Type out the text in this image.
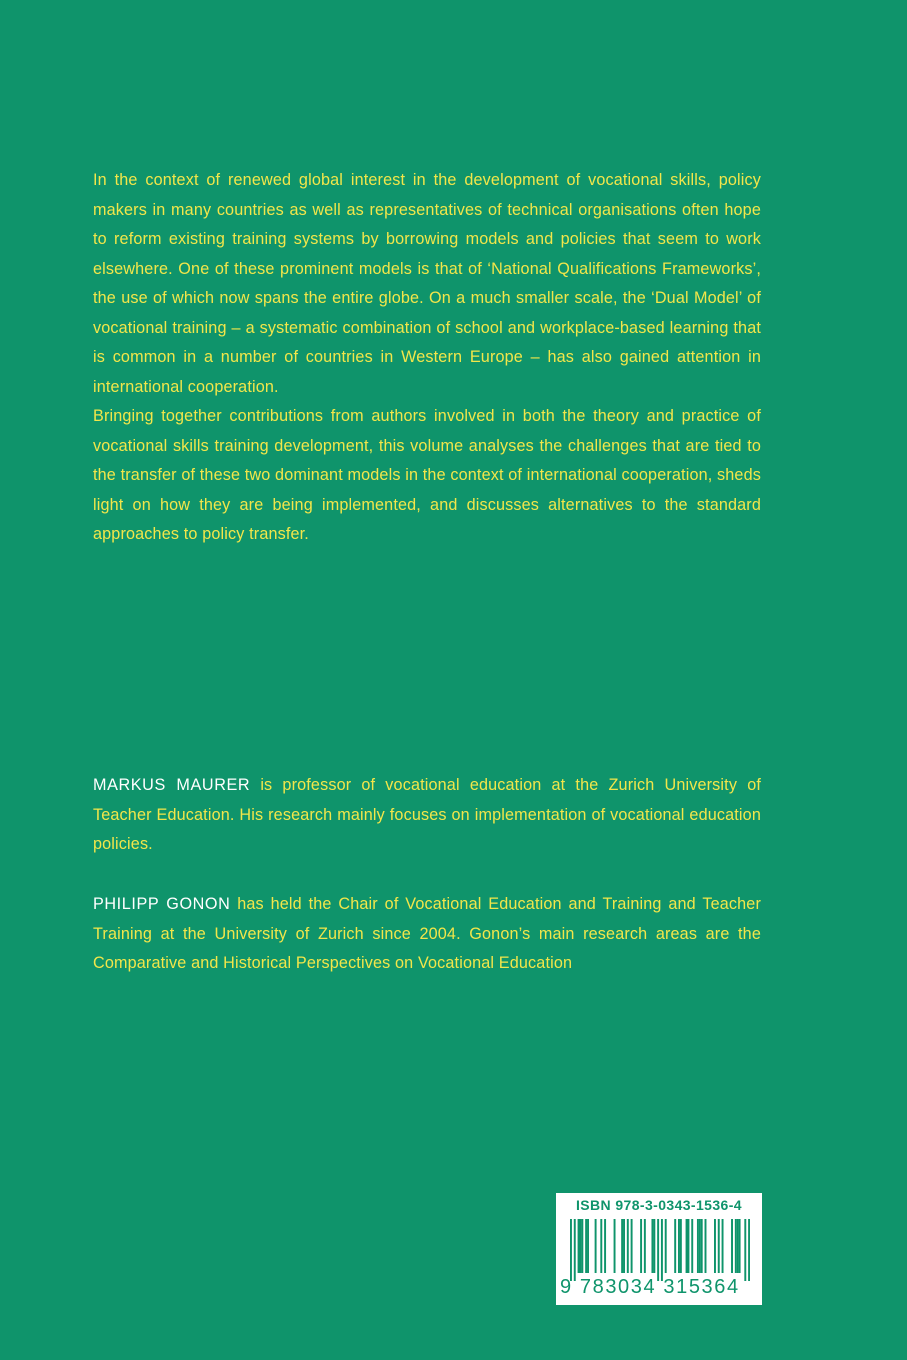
In the context of renewed global interest in the development of vocational skills, policy makers in many countries as well as representatives of technical organisations often hope to reform existing training systems by borrowing models and policies that seem to work elsewhere. One of these prominent models is that of ‘National Qualifications Frameworks’, the use of which now spans the entire globe. On a much smaller scale, the ‘Dual Model’ of vocational training – a systematic combination of school and workplace-based learning that is common in a number of countries in Western Europe – has also gained attention in international cooperation.

Bringing together contributions from authors involved in both the theory and practice of vocational skills training development, this volume analyses the challenges that are tied to the transfer of these two dominant models in the context of international cooperation, sheds light on how they are being implemented, and discusses alternatives to the standard approaches to policy transfer.

MARKUS MAURER is professor of vocational education at the Zurich University of Teacher Education. His research mainly focuses on implementation of vocational education policies.

PHILIPP GONON has held the Chair of Vocational Education and Training and Teacher Training at the University of Zurich since 2004. Gonon’s main research areas are the Comparative and Historical Perspectives on Vocational Education

ISBN 978-3-0343-1536-4
9 783034 315364
